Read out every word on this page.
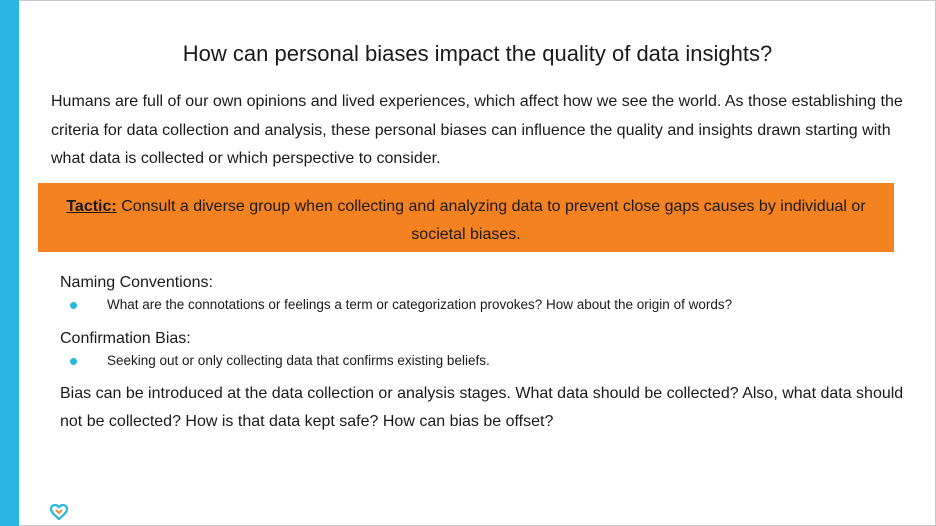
How can personal biases impact the quality of data insights?
Humans are full of our own opinions and lived experiences, which affect how we see the world. As those establishing the criteria for data collection and analysis, these personal biases can influence the quality and insights drawn starting with what data is collected or which perspective to consider.
Tactic: Consult a diverse group when collecting and analyzing data to prevent close gaps causes by individual or societal biases.
Naming Conventions:
What are the connotations or feelings a term or categorization provokes? How about the origin of words?
Confirmation Bias:
Seeking out or only collecting data that confirms existing beliefs.
Bias can be introduced at the data collection or analysis stages. What data should be collected? Also, what data should not be collected? How is that data kept safe? How can bias be offset?
